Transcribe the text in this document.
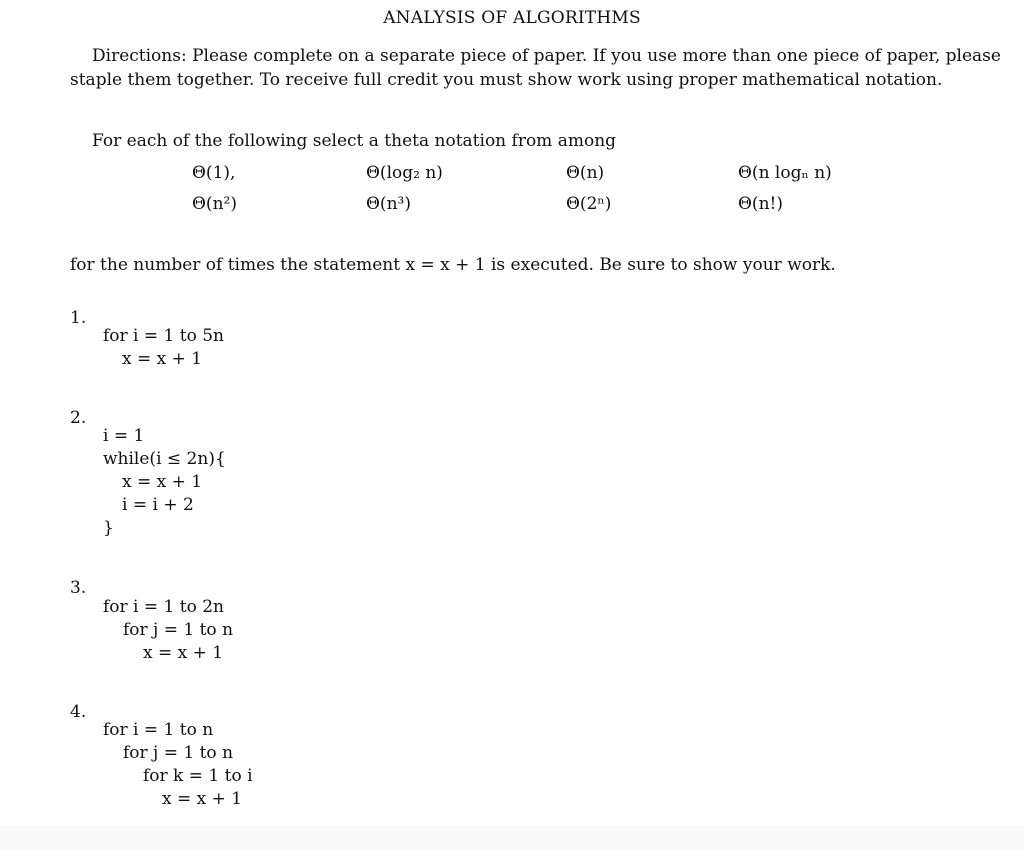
ANALYSIS OF ALGORITHMS
Directions: Please complete on a separate piece of paper. If you use more than one piece of paper, please
staple them together. To receive full credit you must show work using proper mathematical notation.
For each of the following select a theta notation from among
Θ(1),	Θ(log₂ n)	Θ(n)	Θ(n logₙ n)
Θ(n²)	Θ(n³)	Θ(2ⁿ)	Θ(n!)
for the number of times the statement x = x + 1 is executed. Be sure to show your work.
1.
for i = 1 to 5n
x = x + 1
2.
i = 1
while(i ≤ 2n){
x = x + 1
i = i + 2
}
3.
for i = 1 to 2n
for j = 1 to n
x = x + 1
4.
for i = 1 to n
for j = 1 to n
for k = 1 to i
x = x + 1
